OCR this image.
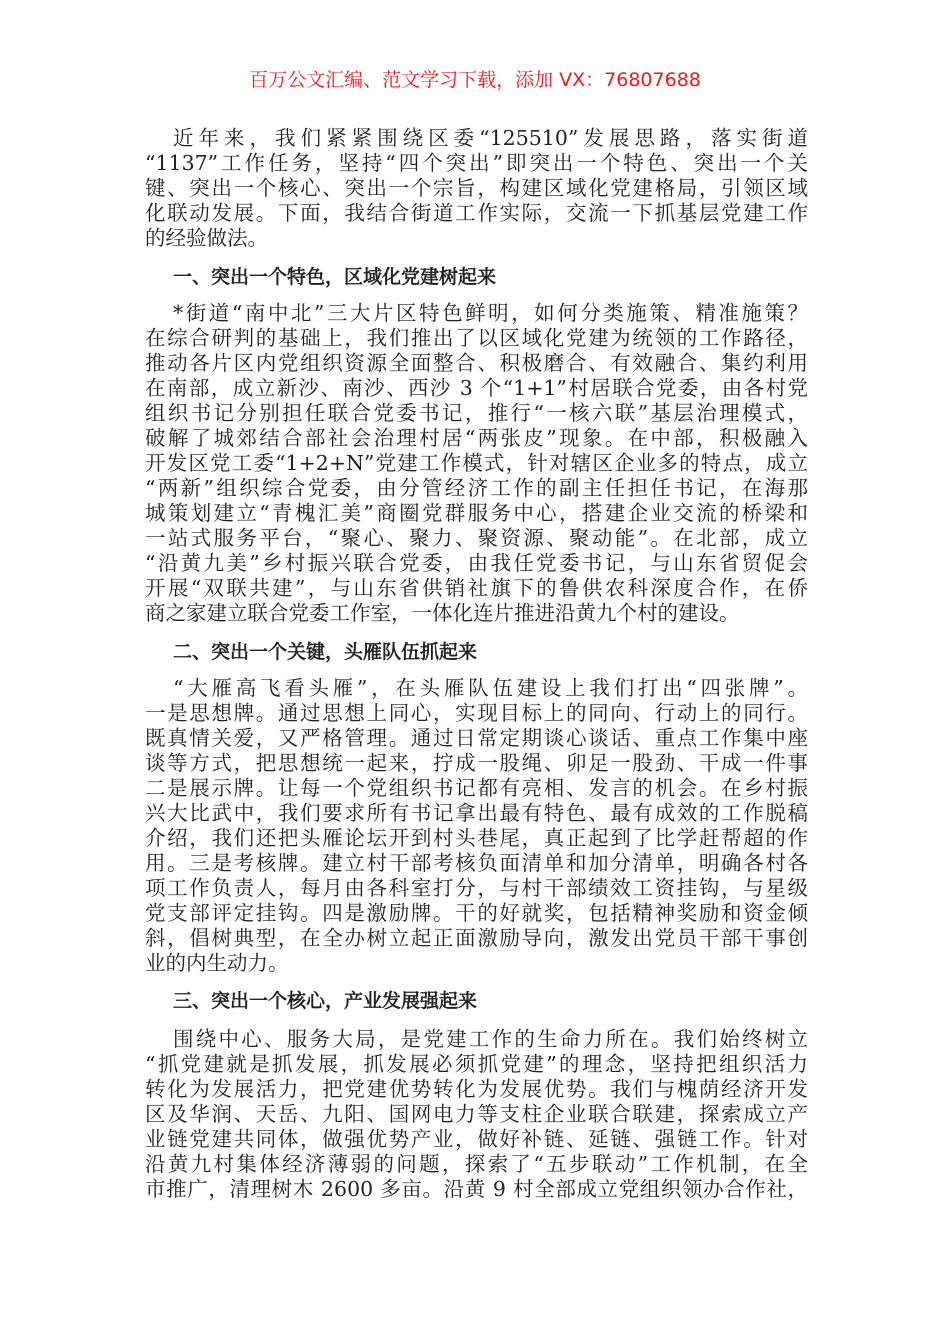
百万公文汇编、范文学习下载，添加 VX：76807688
近年来，我们紧紧围绕区委“125510”发展思路，落实街道
“1137”工作任务，坚持“四个突出”即突出一个特色、突出一个关
键、突出一个核心、突出一个宗旨，构建区域化党建格局，引领区域
化联动发展。下面，我结合街道工作实际，交流一下抓基层党建工作
的经验做法。
一、突出一个特色，区域化党建树起来
*街道“南中北”三大片区特色鲜明，如何分类施策、精准施策？
在综合研判的基础上，我们推出了以区域化党建为统领的工作路径，
推动各片区内党组织资源全面整合、积极磨合、有效融合、集约利用
在南部，成立新沙、南沙、西沙 3 个“1+1”村居联合党委，由各村党
组织书记分别担任联合党委书记，推行“一核六联”基层治理模式，
破解了城郊结合部社会治理村居“两张皮”现象。在中部，积极融入
开发区党工委“1+2+N”党建工作模式，针对辖区企业多的特点，成立
“两新”组织综合党委，由分管经济工作的副主任担任书记，在海那
城策划建立“青槐汇美”商圈党群服务中心，搭建企业交流的桥梁和
一站式服务平台，“聚心、聚力、聚资源、聚动能”。在北部，成立
“沿黄九美”乡村振兴联合党委，由我任党委书记，与山东省贸促会
开展“双联共建”，与山东省供销社旗下的鲁供农科深度合作，在侨
商之家建立联合党委工作室，一体化连片推进沿黄九个村的建设。
二、突出一个关键，头雁队伍抓起来
“大雁高飞看头雁”，在头雁队伍建设上我们打出“四张牌”。
一是思想牌。通过思想上同心，实现目标上的同向、行动上的同行。
既真情关爱，又严格管理。通过日常定期谈心谈话、重点工作集中座
谈等方式，把思想统一起来，拧成一股绳、卯足一股劲、干成一件事
二是展示牌。让每一个党组织书记都有亮相、发言的机会。在乡村振
兴大比武中，我们要求所有书记拿出最有特色、最有成效的工作脱稿
介绍，我们还把头雁论坛开到村头巷尾，真正起到了比学赶帮超的作
用。三是考核牌。建立村干部考核负面清单和加分清单，明确各村各
项工作负责人，每月由各科室打分，与村干部绩效工资挂钩，与星级
党支部评定挂钩。四是激励牌。干的好就奖，包括精神奖励和资金倾
斜，倡树典型，在全办树立起正面激励导向，激发出党员干部干事创
业的内生动力。
三、突出一个核心，产业发展强起来
围绕中心、服务大局，是党建工作的生命力所在。我们始终树立
“抓党建就是抓发展，抓发展必须抓党建”的理念，坚持把组织活力
转化为发展活力，把党建优势转化为发展优势。我们与槐荫经济开发
区及华润、天岳、九阳、国网电力等支柱企业联合联建，探索成立产
业链党建共同体，做强优势产业，做好补链、延链、强链工作。针对
沿黄九村集体经济薄弱的问题，探索了“五步联动”工作机制，在全
市推广，清理树木 2600 多亩。沿黄 9 村全部成立党组织领办合作社，
